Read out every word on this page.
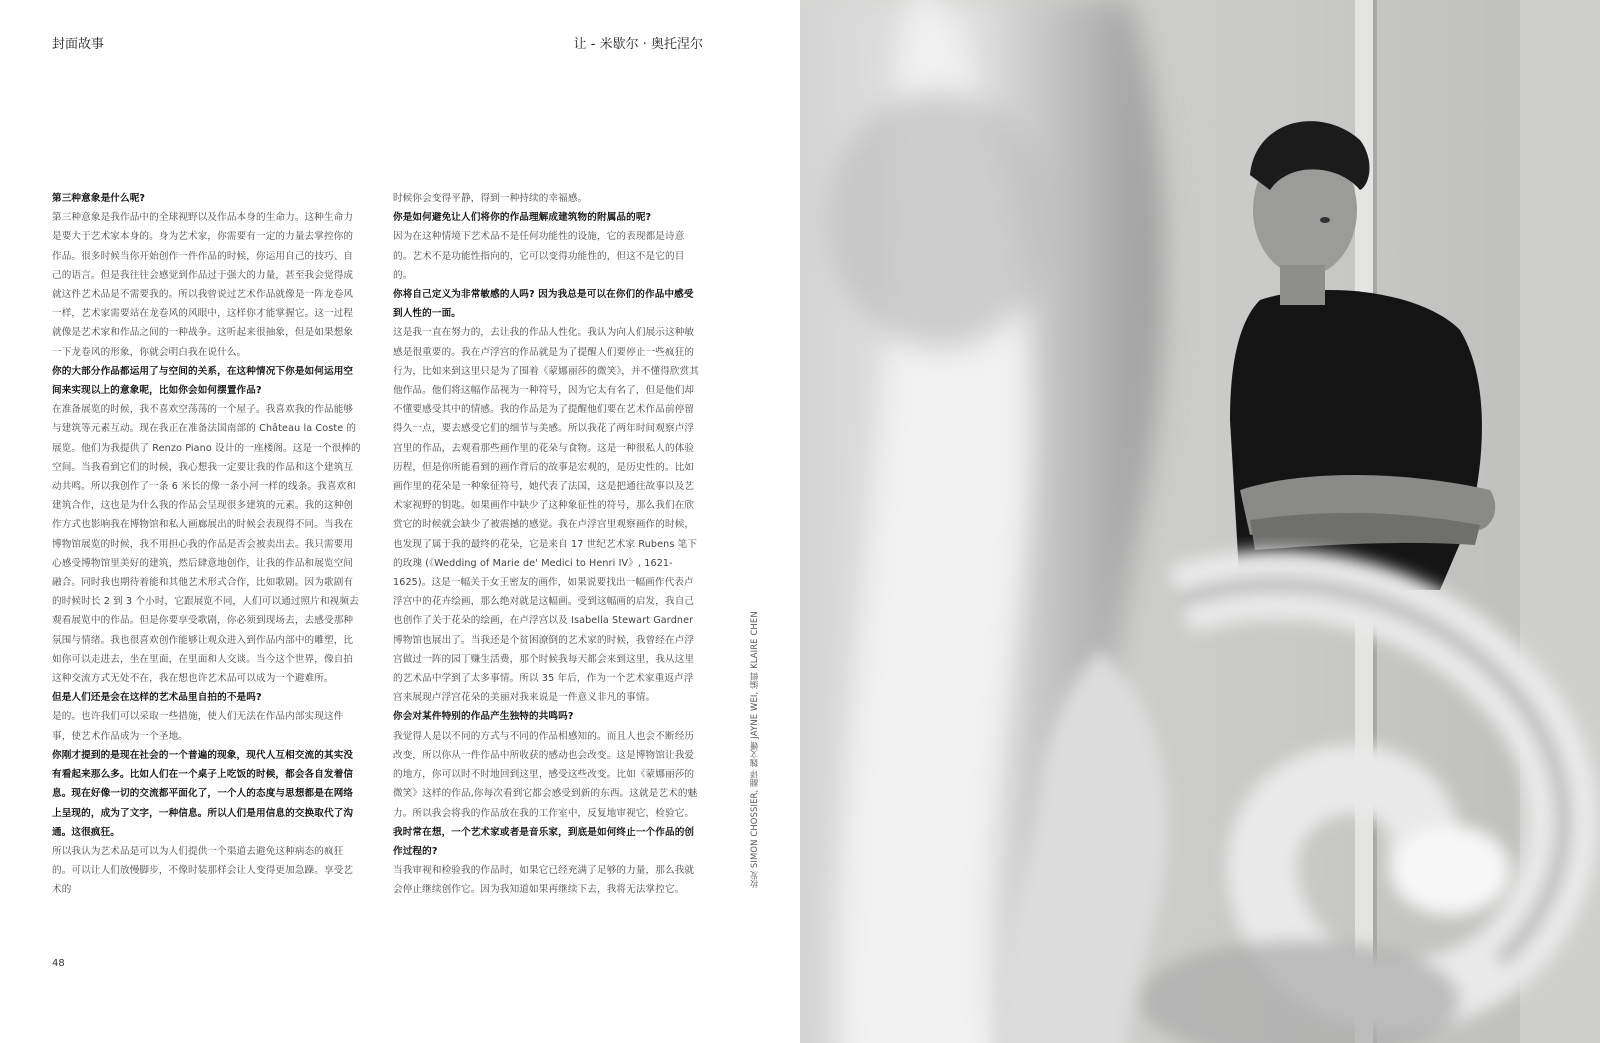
封面故事	让 - 米歇尔 · 奥托涅尔

第三种意象是什么呢?

第三种意象是我作品中的全球视野以及作品本身的生命力。这种生命力是要大于艺术家本身的。身为艺术家，你需要有一定的力量去掌控你的作品。很多时候当你开始创作一件作品的时候，你运用自己的技巧、自己的语言。但是我往往会感觉到作品过于强大的力量，甚至我会觉得成就这件艺术品是不需要我的。所以我曾说过艺术作品就像是一阵龙卷风一样，艺术家需要站在龙卷风的风眼中，这样你才能掌握它。这一过程就像是艺术家和作品之间的一种战争。这听起来很抽象，但是如果想象一下龙卷风的形象，你就会明白我在说什么。

你的大部分作品都运用了与空间的关系，在这种情况下你是如何运用空间来实现以上的意象呢，比如你会如何摆置作品?

在准备展览的时候，我不喜欢空荡荡的一个屋子。我喜欢我的作品能够与建筑等元素互动。现在我正在准备法国南部的 Château la Coste 的展览。他们为我提供了 Renzo Piano 设计的一座楼阁。这是一个很棒的空间。当我看到它们的时候，我心想我一定要让我的作品和这个建筑互动共鸣。所以我创作了一条 6 米长的像一条小河一样的线条。我喜欢和建筑合作，这也是为什么我的作品会呈现很多建筑的元素。我的这种创作方式也影响我在博物馆和私人画廊展出的时候会表现得不同。当我在博物馆展览的时候，我不用担心我的作品是否会被卖出去。我只需要用心感受博物馆里美好的建筑，然后肆意地创作，让我的作品和展览空间融合。同时我也期待着能和其他艺术形式合作，比如歌剧。因为歌剧有的时候时长 2 到 3 个小时，它跟展览不同，人们可以通过照片和视频去观看展览中的作品。但是你要享受歌剧，你必须到现场去，去感受那种氛围与情绪。我也很喜欢创作能够让观众进入到作品内部中的雕塑，比如你可以走进去，坐在里面，在里面和人交谈。当今这个世界，像自拍这种交流方式无处不在，我在想也许艺术品可以成为一个避难所。

但是人们还是会在这样的艺术品里自拍的不是吗?

是的。也许我们可以采取一些措施，使人们无法在作品内部实现这件事，使艺术作品成为一个圣地。

你刚才提到的是现在社会的一个普遍的现象，现代人互相交流的其实没有看起来那么多。比如人们在一个桌子上吃饭的时候，都会各自发着信息。现在好像一切的交流都平面化了，一个人的态度与思想都是在网络上呈现的，成为了文字，一种信息。所以人们是用信息的交换取代了沟通。这很疯狂。

所以我认为艺术品是可以为人们提供一个渠道去避免这种病态的疯狂的。可以让人们放慢脚步，不像时装那样会让人变得更加急躁。享受艺术的

时候你会变得平静，得到一种持续的幸福感。

你是如何避免让人们将你的作品理解成建筑物的附属品的呢?

因为在这种情境下艺术品不是任何功能性的设施，它的表现都是诗意的。艺术不是功能性指向的，它可以变得功能性的，但这不是它的目的。

你将自己定义为非常敏感的人吗? 因为我总是可以在你们的作品中感受到人性的一面。

这是我一直在努力的，去让我的作品人性化。我认为向人们展示这种敏感是很重要的。我在卢浮宫的作品就是为了提醒人们要停止一些疯狂的行为，比如来到这里只是为了围着《蒙娜丽莎的微笑》，并不懂得欣赏其他作品。他们将这幅作品视为一种符号，因为它太有名了，但是他们却不懂要感受其中的情感。我的作品是为了提醒他们要在艺术作品前停留得久一点，要去感受它们的细节与美感。所以我花了两年时间观察卢浮宫里的作品，去观看那些画作里的花朵与食物。这是一种很私人的体验历程，但是你所能看到的画作背后的故事是宏观的，是历史性的。比如画作里的花朵是一种象征符号，她代表了法国，这是把通往故事以及艺术家视野的钥匙。如果画作中缺少了这种象征性的符号，那么我们在欣赏它的时候就会缺少了被震撼的感觉。我在卢浮宫里观察画作的时候，也发现了属于我的最终的花朵，它是来自 17 世纪艺术家 Rubens 笔下的玫瑰 (《Wedding of Marie de' Medici to Henri IV》, 1621-1625)。这是一幅关于女王密友的画作，如果说要找出一幅画作代表卢浮宫中的花卉绘画，那么绝对就是这幅画。受到这幅画的启发，我自己也创作了关于花朵的绘画，在卢浮宫以及 Isabella Stewart Gardner 博物馆也展出了。当我还是个贫困潦倒的艺术家的时候，我曾经在卢浮宫做过一阵的园丁赚生活费，那个时候我每天都会来到这里，我从这里的艺术品中学到了太多事情。所以 35 年后，作为一个艺术家重返卢浮宫来展现卢浮宫花朵的美丽对我来说是一件意义非凡的事情。

你会对某件特别的作品产生独特的共鸣吗?

我觉得人是以不同的方式与不同的作品相感知的。而且人也会不断经历改变，所以你从一件作品中所收获的感动也会改变。这是博物馆让我爱的地方，你可以时不时地回到这里，感受这些改变。比如《蒙娜丽莎的微笑》这样的作品,你每次看到它都会感受到新的东西。这就是艺术的魅力。所以我会将我的作品放在我的工作室中，反复地审视它，检验它。

我时常在想，一个艺术家或者是音乐家，到底是如何终止一个作品的创作过程的?

当我审视和检验我的作品时，如果它已经充满了足够的力量，那么我就会停止继续创作它。因为我知道如果再继续下去，我将无法掌控它。

妆发 SIMON CHOSSIER, 翻译 魏文姗 JAYNE WEI, 编辑 KLAIRE CHEN
48
